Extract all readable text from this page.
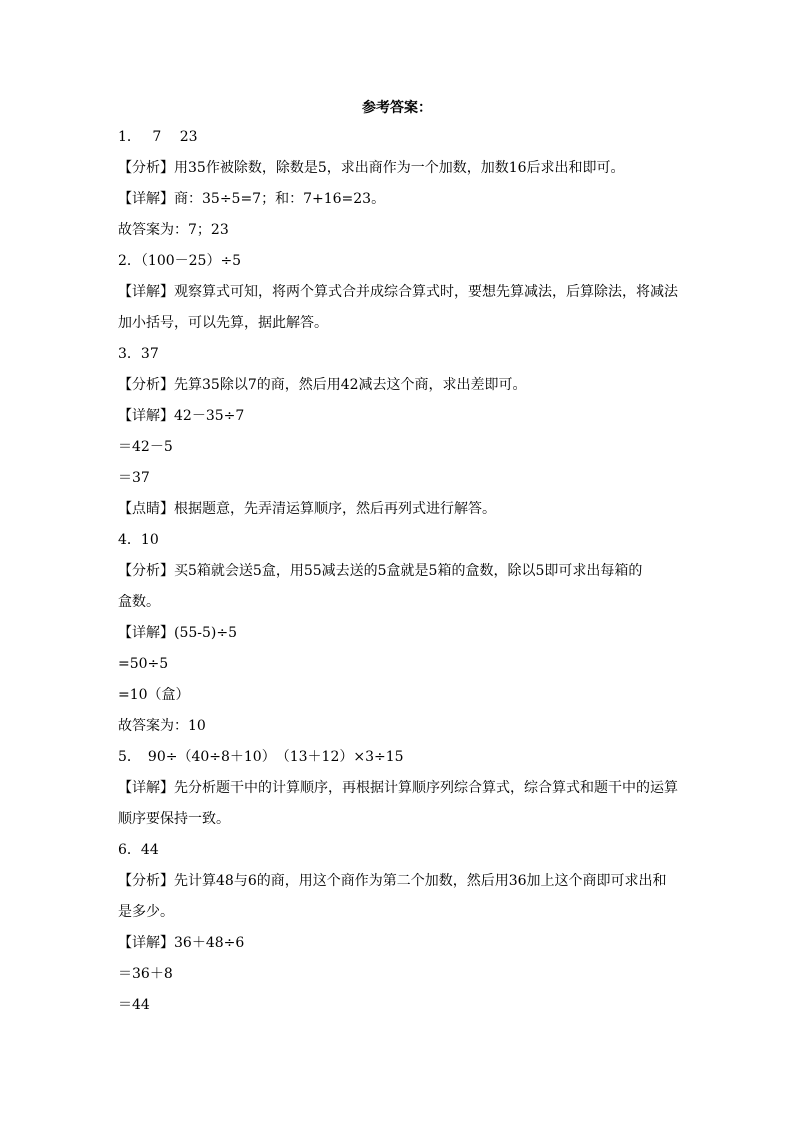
参考答案：
1．　 7　 23
【分析】用35作被除数，除数是5，求出商作为一个加数，加数16后求出和即可。
【详解】商：35÷5=7；和：7+16=23。
故答案为：7；23
2．（100－25）÷5
【详解】观察算式可知，将两个算式合并成综合算式时，要想先算减法，后算除法，将减法
加小括号，可以先算，据此解答。
3．37
【分析】先算35除以7的商，然后用42减去这个商，求出差即可。
【详解】42－35÷7
＝42－5
＝37
【点睛】根据题意，先弄清运算顺序，然后再列式进行解答。
4．10
【分析】买5箱就会送5盒，用55减去送的5盒就是5箱的盒数，除以5即可求出每箱的
盒数。
【详解】(55-5)÷5
=50÷5
=10（盒）
故答案为：10
5．　90÷（40÷8＋10）　（13＋12）×3÷15
【详解】先分析题干中的计算顺序，再根据计算顺序列综合算式，综合算式和题干中的运算
顺序要保持一致。
6．44
【分析】先计算48与6的商，用这个商作为第二个加数，然后用36加上这个商即可求出和
是多少。
【详解】36＋48÷6
＝36＋8
＝44
